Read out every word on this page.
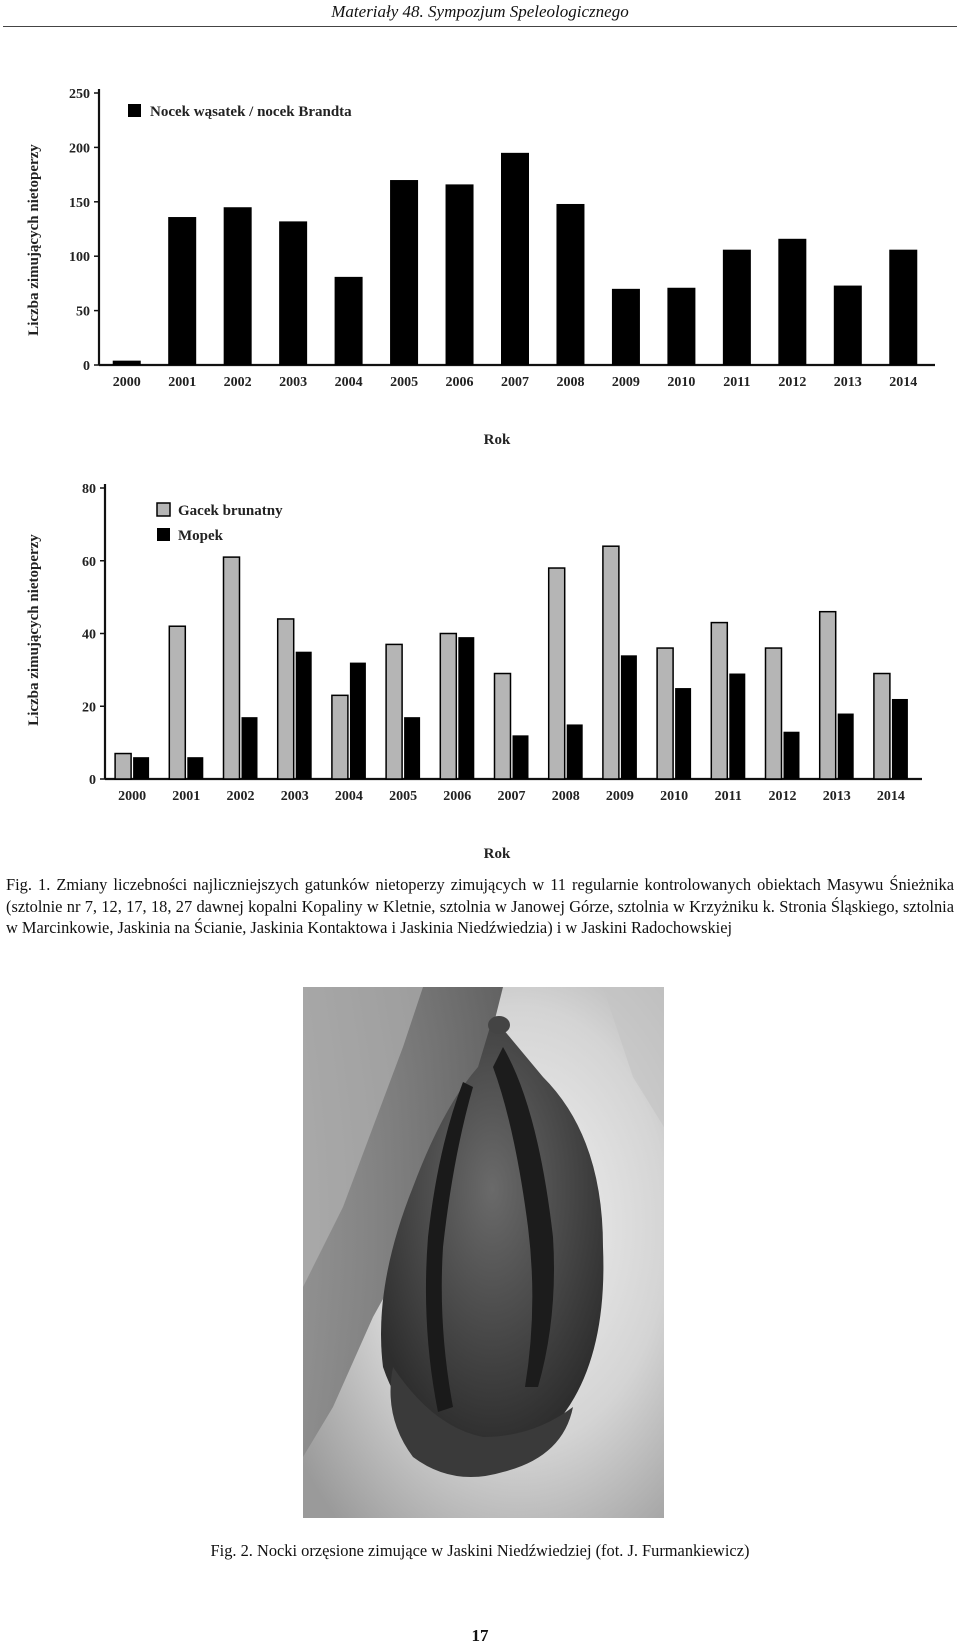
Materiały 48. Sympozjum Speleologicznego
0
50
100
150
200
250
2000 2001 2002 2003 2004 2005 2006 2007 2008 2009 2010 2011 2012 2013 2014
Nocek wąsatek / nocek Brandta
Liczba zimujących nietoperzy
Rok
0
20
40
60
80
2000 2001 2002 2003 2004 2005 2006 2007 2008 2009 2010 2011 2012 2013 2014
Gacek brunatny
Mopek
Liczba zimujących nietoperzy
Rok
Fig. 1. Zmiany liczebności najliczniejszych gatunków nietoperzy zimujących w 11 regularnie kontrolowanych obiektach Masywu Śnieżnika (sztolnie nr 7, 12, 17, 18, 27 dawnej kopalni Kopaliny w Kletnie, sztolnia w Janowej Górze, sztolnia w Krzyżniku k. Stronia Śląskiego, sztolnia w Marcinkowie, Jaskinia na Ścianie, Jaskinia Kontaktowa i Jaskinia Niedźwiedzia) i w Jaskini Radochowskiej
Fig. 2. Nocki orzęsione zimujące w Jaskini Niedźwiedziej (fot. J. Furmankiewicz)
17
